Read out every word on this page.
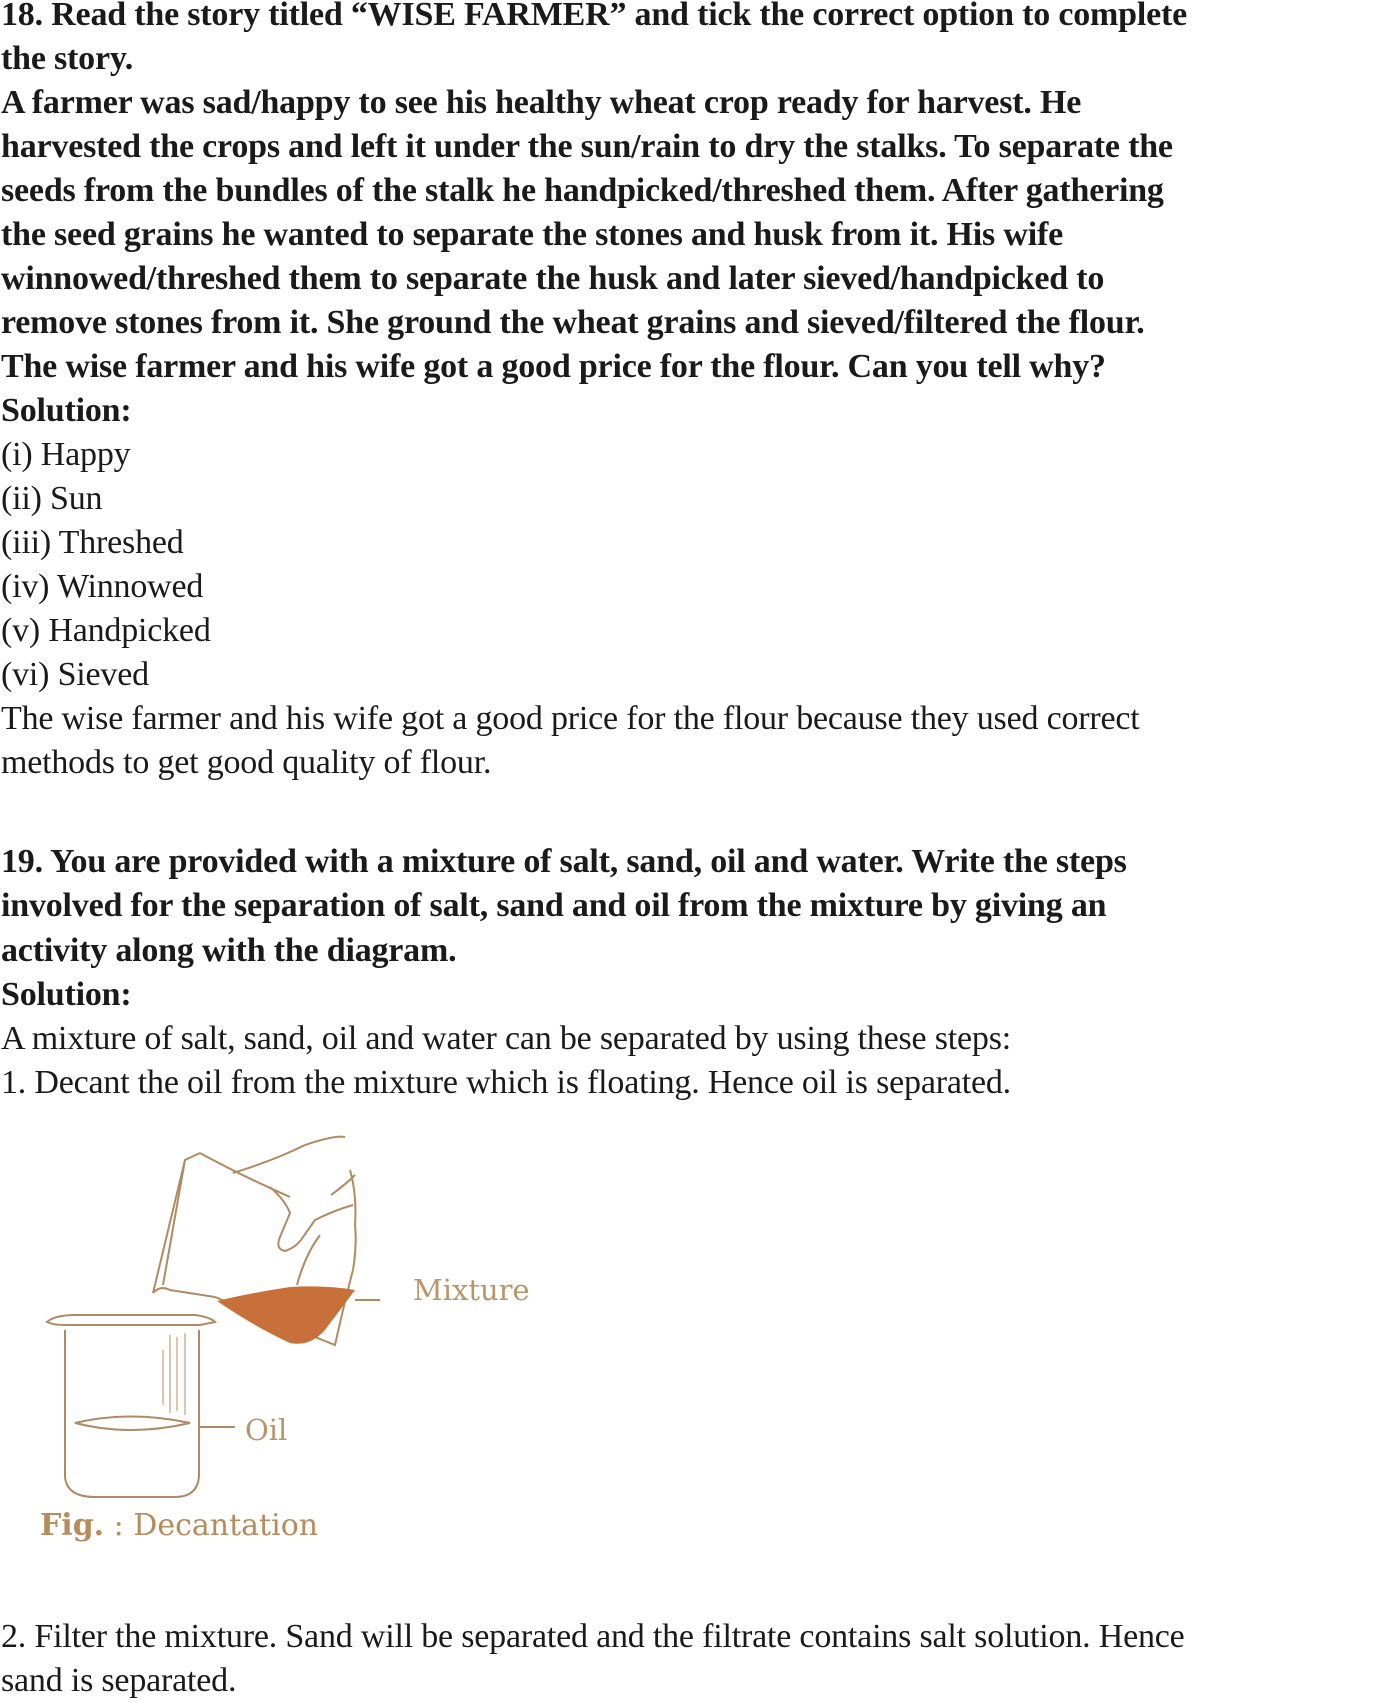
18. Read the story titled “WISE FARMER” and tick the correct option to complete
the story.
A farmer was sad/happy to see his healthy wheat crop ready for harvest. He
harvested the crops and left it under the sun/rain to dry the stalks. To separate the
seeds from the bundles of the stalk he handpicked/threshed them. After gathering
the seed grains he wanted to separate the stones and husk from it. His wife
winnowed/threshed them to separate the husk and later sieved/handpicked to
remove stones from it. She ground the wheat grains and sieved/filtered the flour.
The wise farmer and his wife got a good price for the flour. Can you tell why?
Solution:
(i) Happy
(ii) Sun
(iii) Threshed
(iv) Winnowed
(v) Handpicked
(vi) Sieved
The wise farmer and his wife got a good price for the flour because they used correct
methods to get good quality of flour.
19. You are provided with a mixture of salt, sand, oil and water. Write the steps
involved for the separation of salt, sand and oil from the mixture by giving an
activity along with the diagram.
Solution:
A mixture of salt, sand, oil and water can be separated by using these steps:
1. Decant the oil from the mixture which is floating. Hence oil is separated.
Mixture
Oil
Fig. : Decantation
2. Filter the mixture. Sand will be separated and the filtrate contains salt solution. Hence
sand is separated.
